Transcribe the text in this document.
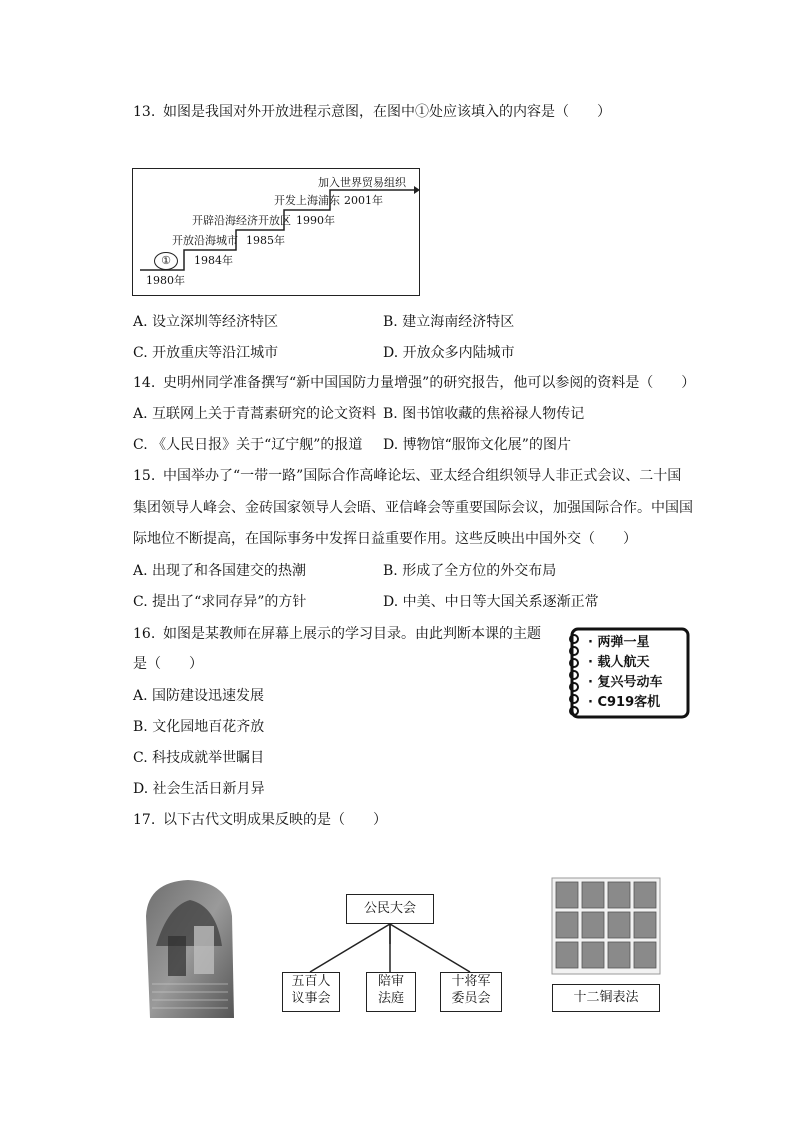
13. 如图是我国对外开放进程示意图，在图中①处应该填入的内容是（　　）
加入世界贸易组织
开发上海浦东
开辟沿海经济开放区
开放沿海城市
2001年
1990年
1985年
1984年
1980年
①
A. 设立深圳等经济特区	B. 建立海南经济特区
C. 开放重庆等沿江城市	D. 开放众多内陆城市
14. 史明州同学准备撰写“新中国国防力量增强”的研究报告，他可以参阅的资料是（　　）
A. 互联网上关于青蒿素研究的论文资料 B. 图书馆收藏的焦裕禄人物传记
C. 《人民日报》关于“辽宁舰”的报道 D. 博物馆“服饰文化展”的图片
15. 中国举办了“一带一路”国际合作高峰论坛、亚太经合组织领导人非正式会议、二十国
集团领导人峰会、金砖国家领导人会晤、亚信峰会等重要国际会议，加强国际合作。中国国
际地位不断提高，在国际事务中发挥日益重要作用。这些反映出中国外交（　　）
A. 出现了和各国建交的热潮	B. 形成了全方位的外交布局
C. 提出了“求同存异”的方针	D. 中美、中日等大国关系逐渐正常
16. 如图是某教师在屏幕上展示的学习目录。由此判断本课的主题
是（　　）
A. 国防建设迅速发展
B. 文化园地百花齐放
C. 科技成就举世瞩目
D. 社会生活日新月异
· 两弹一星
· 载人航天
· 复兴号动车
· C919客机
17. 以下古代文明成果反映的是（　　）
公民大会
五百人
议事会
陪审
法庭
十将军
委员会	十二铜表法
